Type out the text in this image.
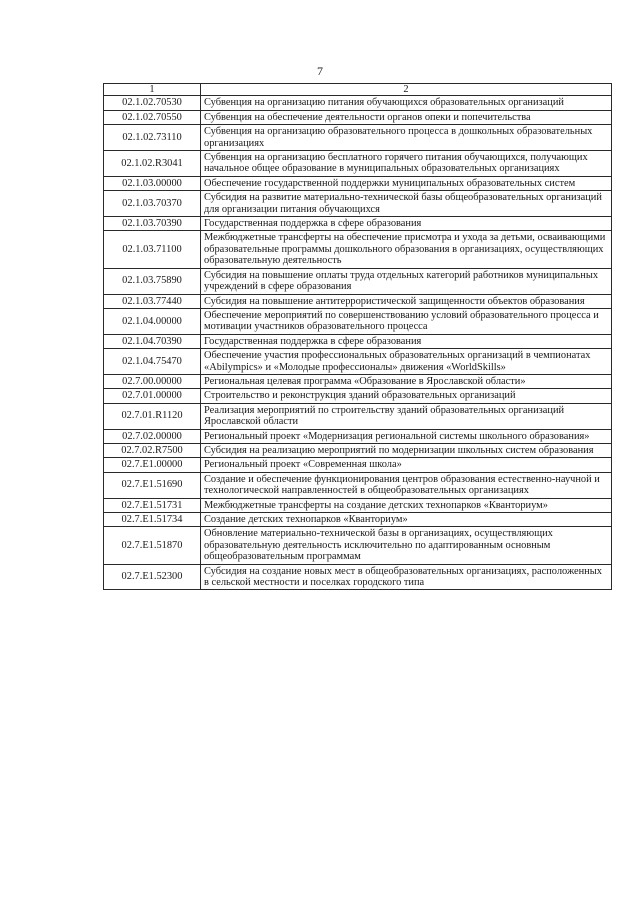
7
1	2
02.1.02.70530	Субвенция на организацию питания обучающихся образовательных организаций
02.1.02.70550	Субвенция на обеспечение деятельности органов опеки и попечительства
02.1.02.73110	Субвенция на организацию образовательного процесса в дошкольных образовательных организациях
02.1.02.R3041	Субвенция на организацию бесплатного горячего питания обучающихся, получающих начальное общее образование в муниципальных образовательных организациях
02.1.03.00000	Обеспечение государственной поддержки муниципальных образовательных систем
02.1.03.70370	Субсидия на развитие материально-технической базы общеобразовательных организаций для организации питания обучающихся
02.1.03.70390	Государственная поддержка в сфере образования
02.1.03.71100	Межбюджетные трансферты на обеспечение присмотра и ухода за детьми, осваивающими образовательные программы дошкольного образования в организациях, осуществляющих образовательную деятельность
02.1.03.75890	Субсидия на повышение оплаты труда отдельных категорий работников муниципальных учреждений в сфере образования
02.1.03.77440	Субсидия на повышение антитеррористической защищенности объектов образования
02.1.04.00000	Обеспечение мероприятий по совершенствованию условий образовательного процесса и мотивации участников образовательного процесса
02.1.04.70390	Государственная поддержка в сфере образования
02.1.04.75470	Обеспечение участия профессиональных образовательных организаций в чемпионатах «Abilympics» и «Молодые профессионалы» движения «WorldSkills»
02.7.00.00000	Региональная целевая программа «Образование в Ярославской области»
02.7.01.00000	Строительство и реконструкция зданий образовательных организаций
02.7.01.R1120	Реализация мероприятий по строительству зданий образовательных организаций Ярославской области
02.7.02.00000	Региональный проект «Модернизация региональной системы школьного образования»
02.7.02.R7500	Субсидия на реализацию мероприятий по модернизации школьных систем образования
02.7.E1.00000	Региональный проект «Современная школа»
02.7.E1.51690	Создание и обеспечение функционирования центров образования естественно-научной и технологической направленностей в общеобразовательных организациях
02.7.E1.51731	Межбюджетные трансферты на создание детских технопарков «Кванториум»
02.7.E1.51734	Создание детских технопарков «Кванториум»
02.7.E1.51870	Обновление материально-технической базы в организациях, осуществляющих образовательную деятельность исключительно по адаптированным основным общеобразовательным программам
02.7.E1.52300	Субсидия на создание новых мест в общеобразовательных организациях, расположенных в сельской местности и поселках городского типа
